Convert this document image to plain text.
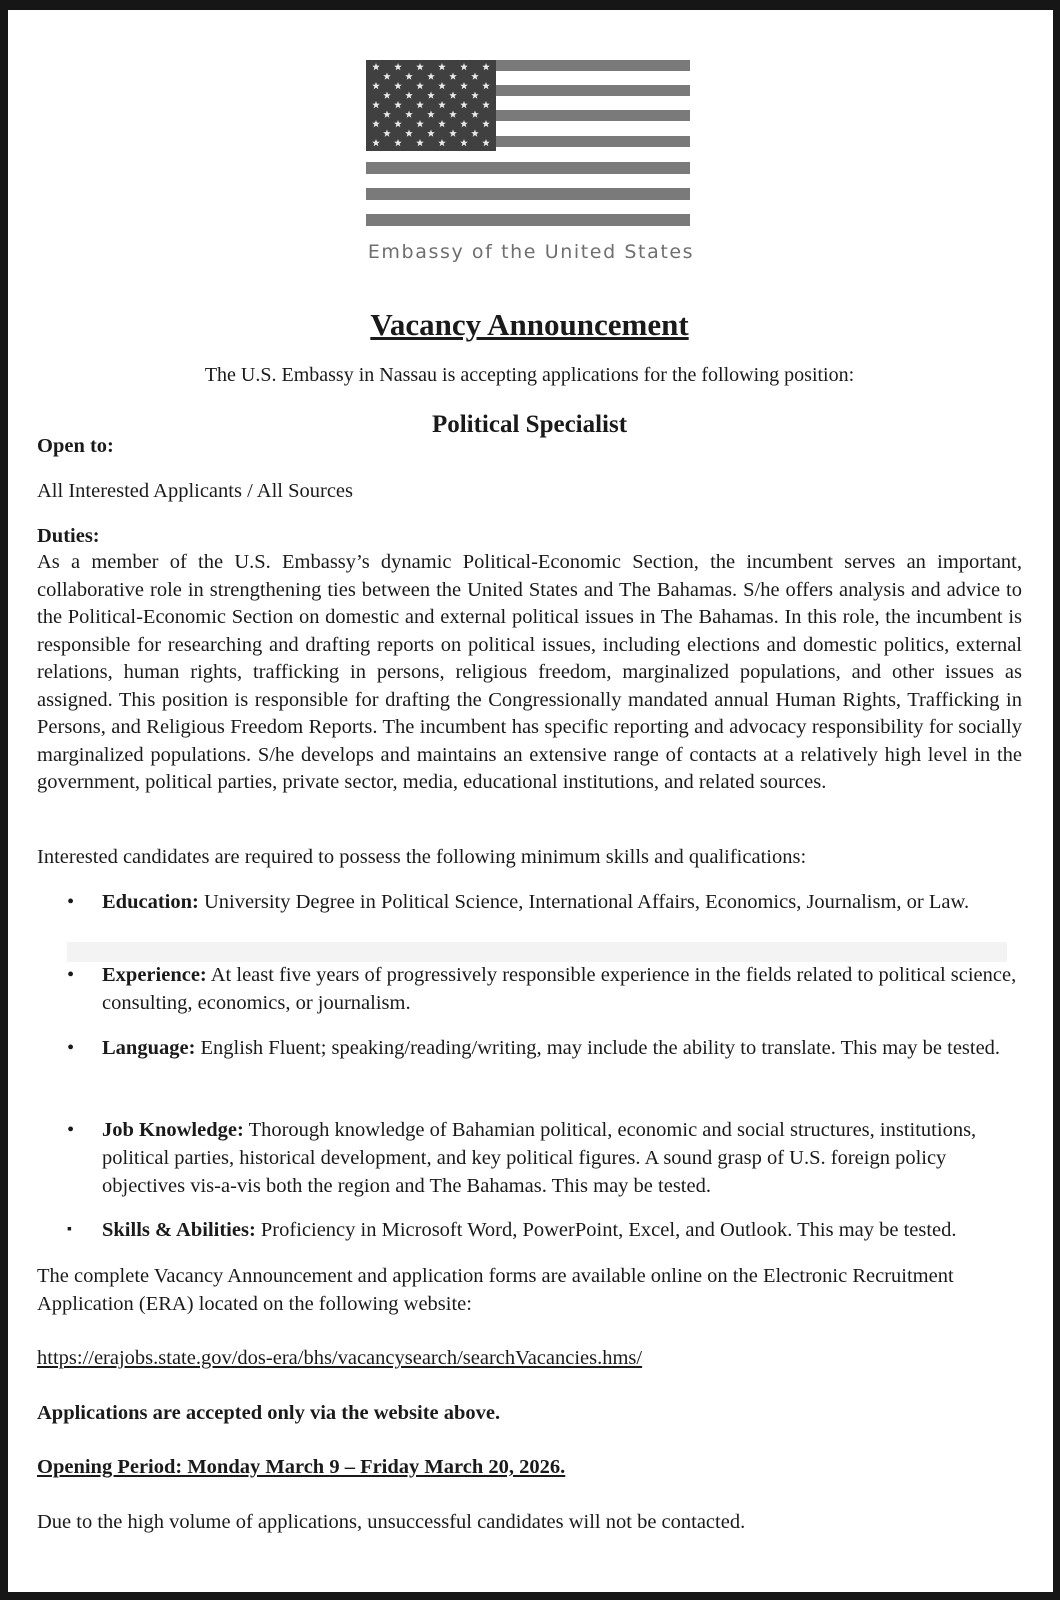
Embassy of the United States
Vacancy Announcement
The U.S. Embassy in Nassau is accepting applications for the following position:
Political Specialist
Open to:
All Interested Applicants / All Sources
Duties:
As a member of the U.S. Embassy’s dynamic Political-Economic Section, the incumbent serves an important, collaborative role in strengthening ties between the United States and The Bahamas. S/he offers analysis and advice to the Political-Economic Section on domestic and external political issues in The Bahamas. In this role, the incumbent is responsible for researching and drafting reports on political issues, including elections and domestic politics, external relations, human rights, trafficking in persons, religious freedom, marginalized populations, and other issues as assigned. This position is responsible for drafting the Congressionally mandated annual Human Rights, Trafficking in Persons, and Religious Freedom Reports. The incumbent has specific reporting and advocacy responsibility for socially marginalized populations. S/he develops and maintains an extensive range of contacts at a relatively high level in the government, political parties, private sector, media, educational institutions, and related sources.
Interested candidates are required to possess the following minimum skills and qualifications:
• Education: University Degree in Political Science, International Affairs, Economics, Journalism, or Law.
• Experience: At least five years of progressively responsible experience in the fields related to political science, consulting, economics, or journalism.
• Language: English Fluent; speaking/reading/writing, may include the ability to translate. This may be tested.
• Job Knowledge: Thorough knowledge of Bahamian political, economic and social structures, institutions, political parties, historical development, and key political figures. A sound grasp of U.S. foreign policy objectives vis-a-vis both the region and The Bahamas. This may be tested.
▪ Skills & Abilities: Proficiency in Microsoft Word, PowerPoint, Excel, and Outlook. This may be tested.
The complete Vacancy Announcement and application forms are available online on the Electronic Recruitment Application (ERA) located on the following website:
https://erajobs.state.gov/dos-era/bhs/vacancysearch/searchVacancies.hms/
Applications are accepted only via the website above.
Opening Period: Monday March 9 – Friday March 20, 2026.
Due to the high volume of applications, unsuccessful candidates will not be contacted.
